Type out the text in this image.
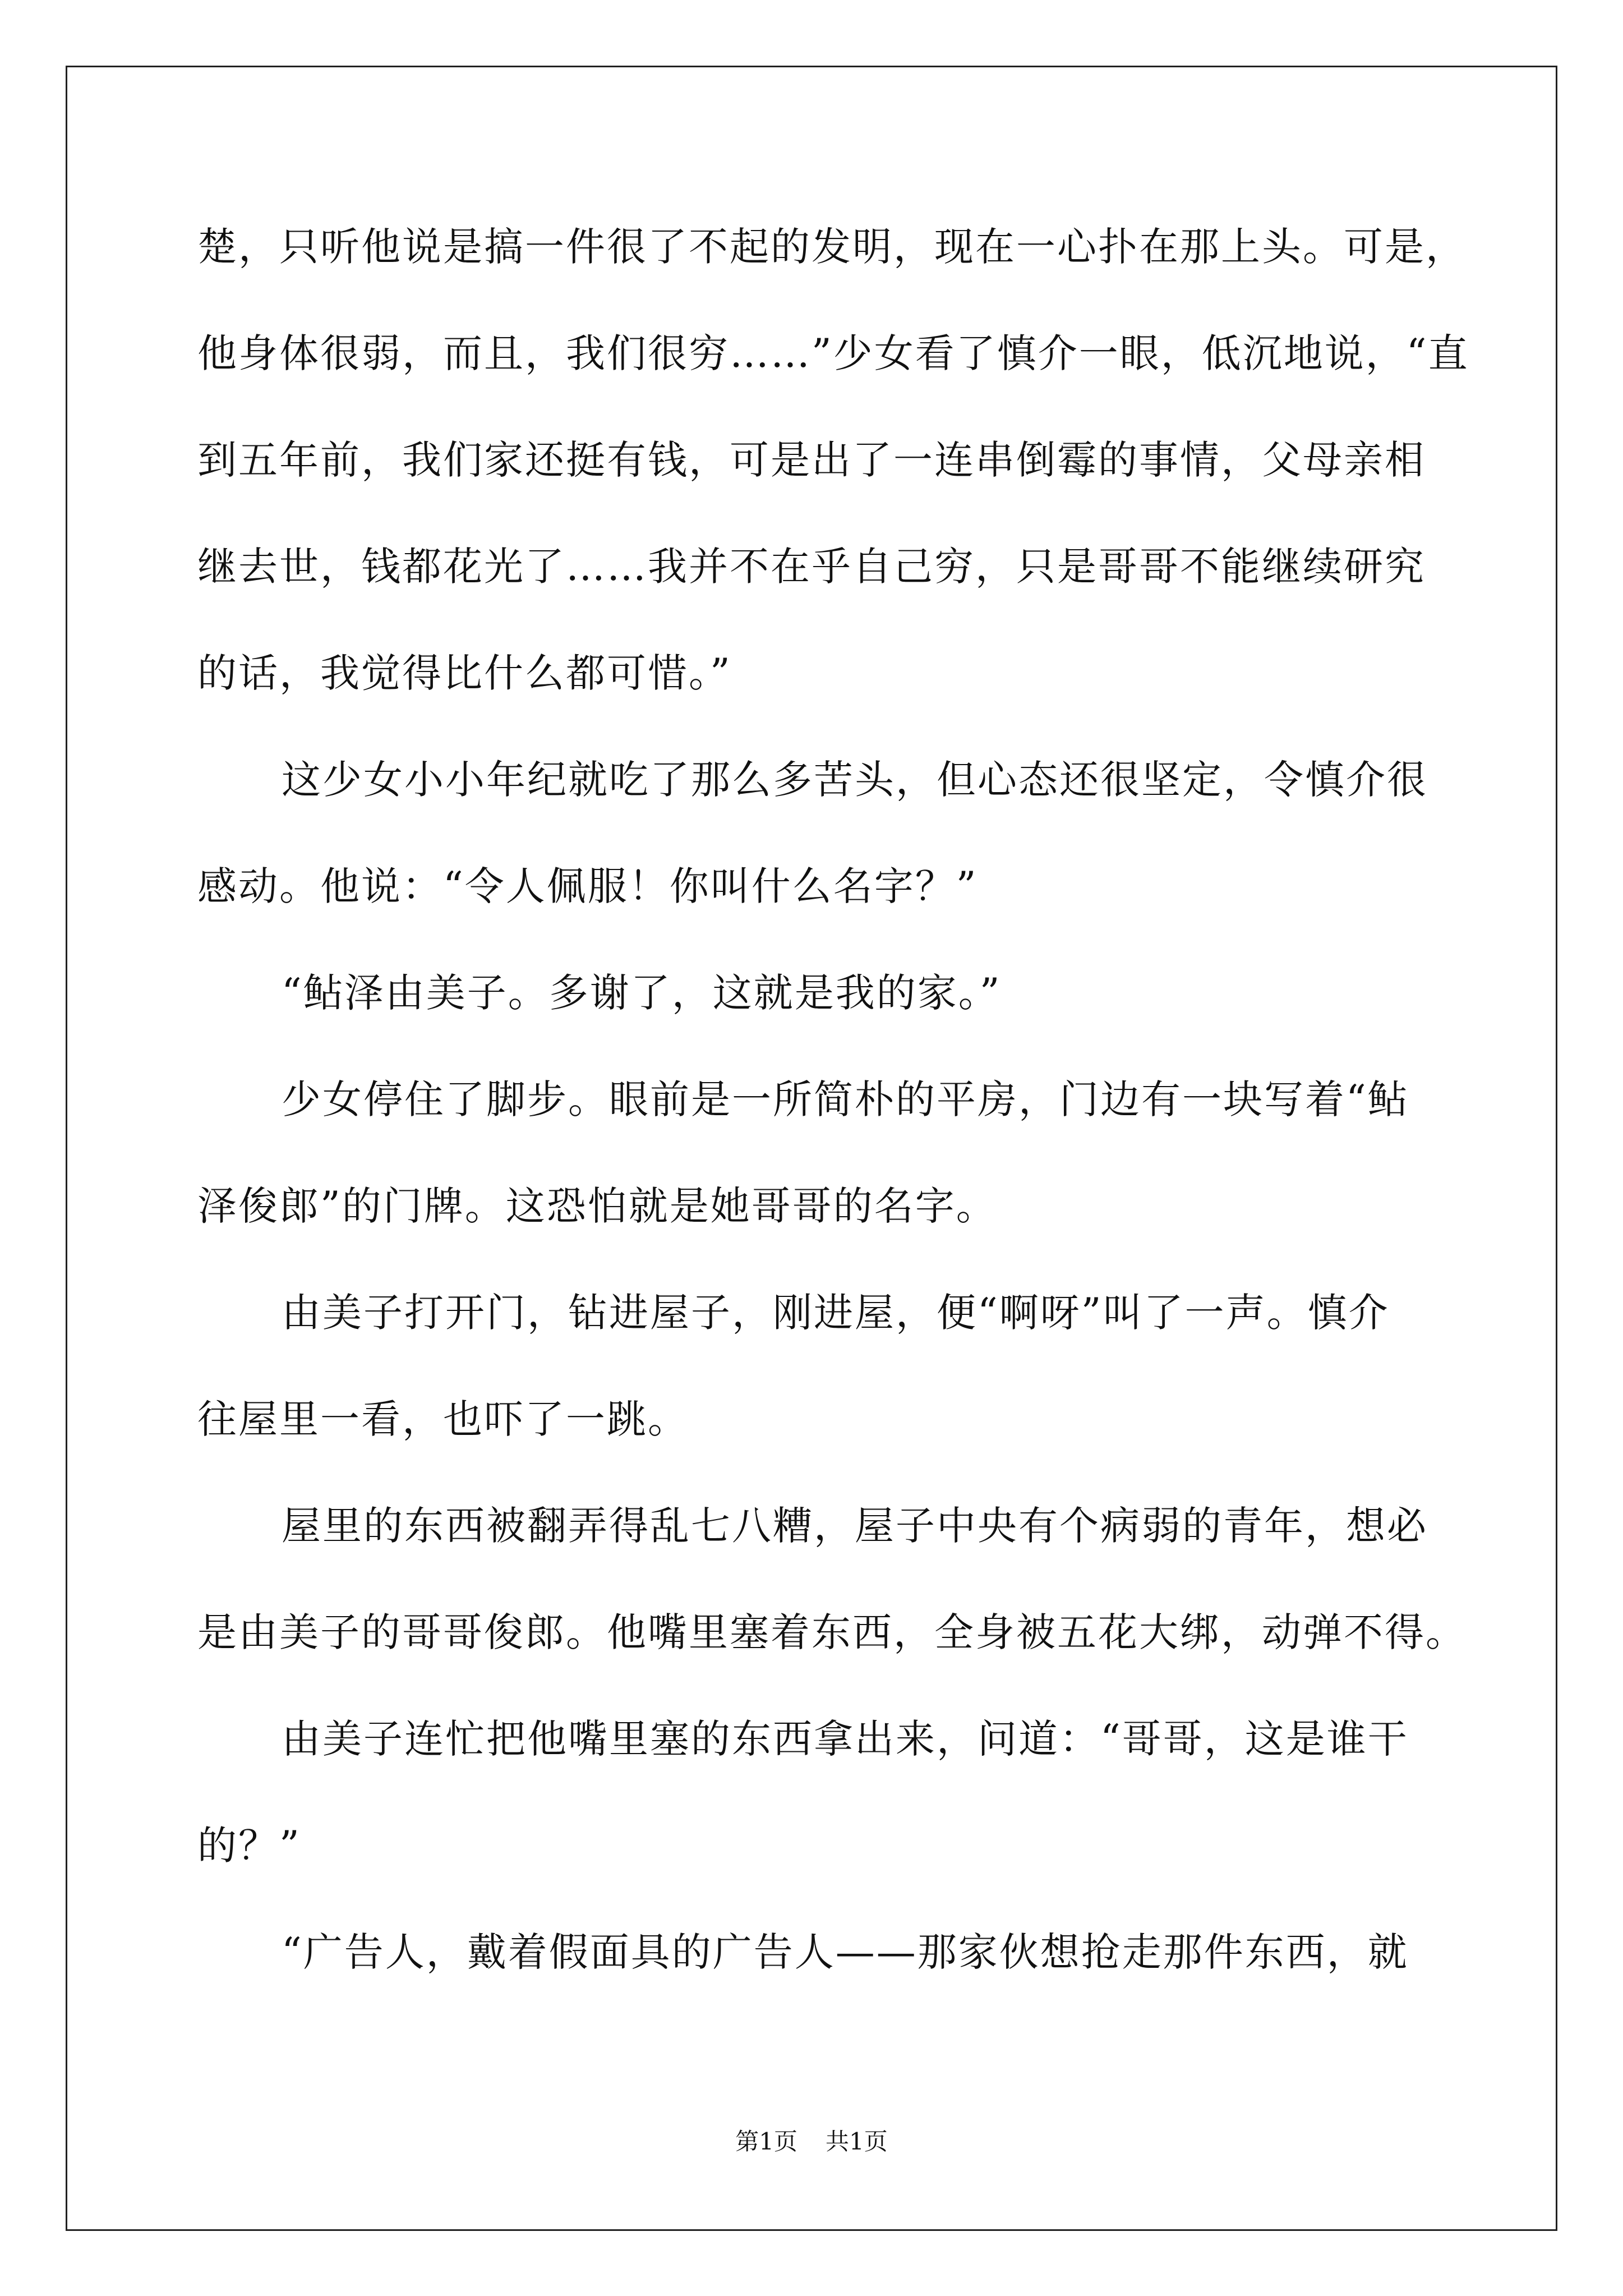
楚，只听他说是搞一件很了不起的发明，现在一心扑在那上头。可是，
他身体很弱，而且，我们很穷……”少女看了慎介一眼，低沉地说，“直
到五年前，我们家还挺有钱，可是出了一连串倒霉的事情，父母亲相
继去世，钱都花光了……我并不在乎自己穷，只是哥哥不能继续研究
的话，我觉得比什么都可惜。”
这少女小小年纪就吃了那么多苦头，但心态还很坚定，令慎介很
感动。他说：“令人佩服！你叫什么名字？”
“鲇泽由美子。多谢了，这就是我的家。”
少女停住了脚步。眼前是一所简朴的平房，门边有一块写着“鲇
泽俊郎”的门牌。这恐怕就是她哥哥的名字。
由美子打开门，钻进屋子，刚进屋，便“啊呀”叫了一声。慎介
往屋里一看，也吓了一跳。
屋里的东西被翻弄得乱七八糟，屋子中央有个病弱的青年，想必
是由美子的哥哥俊郎。他嘴里塞着东西，全身被五花大绑，动弹不得。
由美子连忙把他嘴里塞的东西拿出来，问道：“哥哥，这是谁干
的？”
“广告人，戴着假面具的广告人——那家伙想抢走那件东西，就
第1页 共1页
